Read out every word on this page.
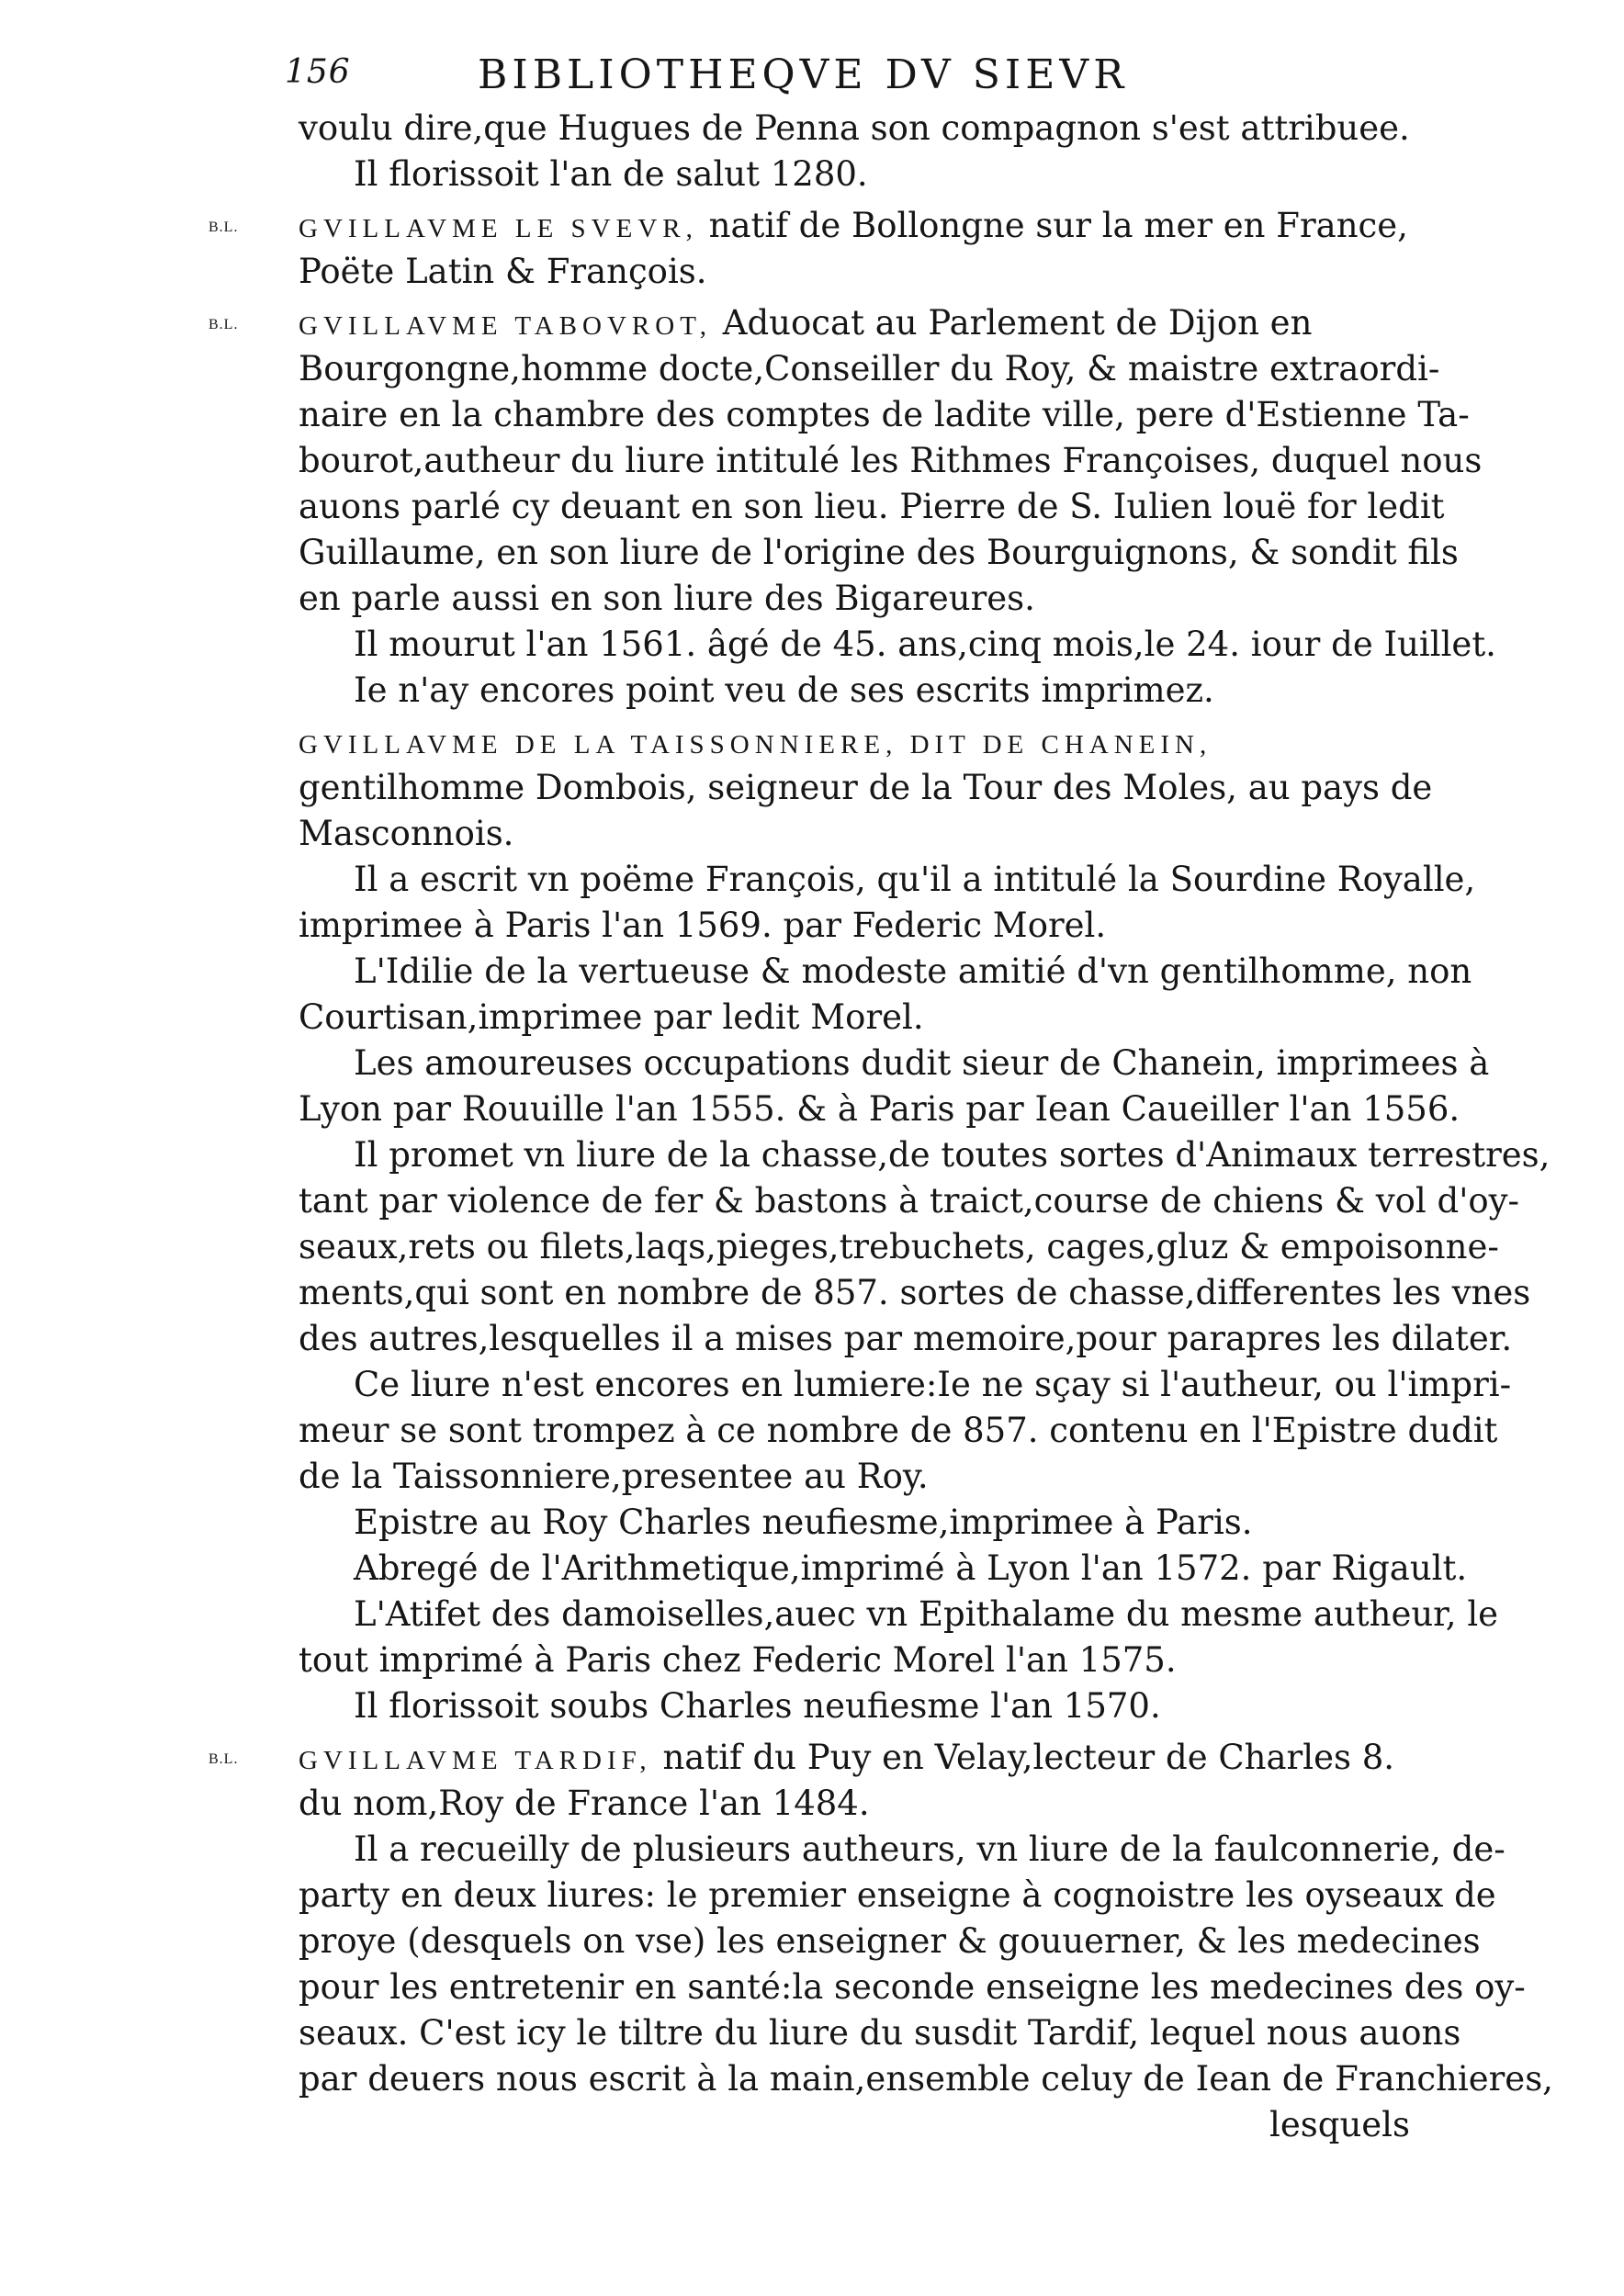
156	BIBLIOTHEQVE DV SIEVR
voulu dire,que Hugues de Penna son compagnon s'est attribuee.
Il florissoit l'an de salut 1280.
B.L. GVILLAVME LE SVEVR, natif de Bollongne sur la mer en France,
Poëte Latin & François.
B.L. GVILLAVME TABOVROT, Aduocat au Parlement de Dijon en
Bourgongne,homme docte,Conseiller du Roy, & maistre extraordi-
naire en la chambre des comptes de ladite ville, pere d'Estienne Ta-
bourot,autheur du liure intitulé les Rithmes Françoises, duquel nous
auons parlé cy deuant en son lieu. Pierre de S. Iulien louë for ledit
Guillaume, en son liure de l'origine des Bourguignons, & sondit fils
en parle aussi en son liure des Bigareures.
Il mourut l'an 1561. âgé de 45. ans,cinq mois,le 24. iour de Iuillet.
Ie n'ay encores point veu de ses escrits imprimez.
GVILLAVME DE LA TAISSONNIERE, DIT DE CHANEIN,
gentilhomme Dombois, seigneur de la Tour des Moles, au pays de
Masconnois.
Il a escrit vn poëme François, qu'il a intitulé la Sourdine Royalle,
imprimee à Paris l'an 1569. par Federic Morel.
L'Idilie de la vertueuse & modeste amitié d'vn gentilhomme, non
Courtisan,imprimee par ledit Morel.
Les amoureuses occupations dudit sieur de Chanein, imprimees à
Lyon par Rouuille l'an 1555. & à Paris par Iean Caueiller l'an 1556.
Il promet vn liure de la chasse,de toutes sortes d'Animaux terrestres,
tant par violence de fer & bastons à traict,course de chiens & vol d'oy-
seaux,rets ou filets,laqs,pieges,trebuchets, cages,gluz & empoisonne-
ments,qui sont en nombre de 857. sortes de chasse,differentes les vnes
des autres,lesquelles il a mises par memoire,pour parapres les dilater.
Ce liure n'est encores en lumiere:Ie ne sçay si l'autheur, ou l'impri-
meur se sont trompez à ce nombre de 857. contenu en l'Epistre dudit
de la Taissonniere,presentee au Roy.
Epistre au Roy Charles neufiesme,imprimee à Paris.
Abregé de l'Arithmetique,imprimé à Lyon l'an 1572. par Rigault.
L'Atifet des damoiselles,auec vn Epithalame du mesme autheur, le
tout imprimé à Paris chez Federic Morel l'an 1575.
Il florissoit soubs Charles neufiesme l'an 1570.
B.L. GVILLAVME TARDIF, natif du Puy en Velay,lecteur de Charles 8.
du nom,Roy de France l'an 1484.
Il a recueilly de plusieurs autheurs, vn liure de la faulconnerie, de-
party en deux liures: le premier enseigne à cognoistre les oyseaux de
proye (desquels on vse) les enseigner & gouuerner, & les medecines
pour les entretenir en santé:la seconde enseigne les medecines des oy-
seaux. C'est icy le tiltre du liure du susdit Tardif, lequel nous auons
par deuers nous escrit à la main,ensemble celuy de Iean de Franchieres,
lesquels
